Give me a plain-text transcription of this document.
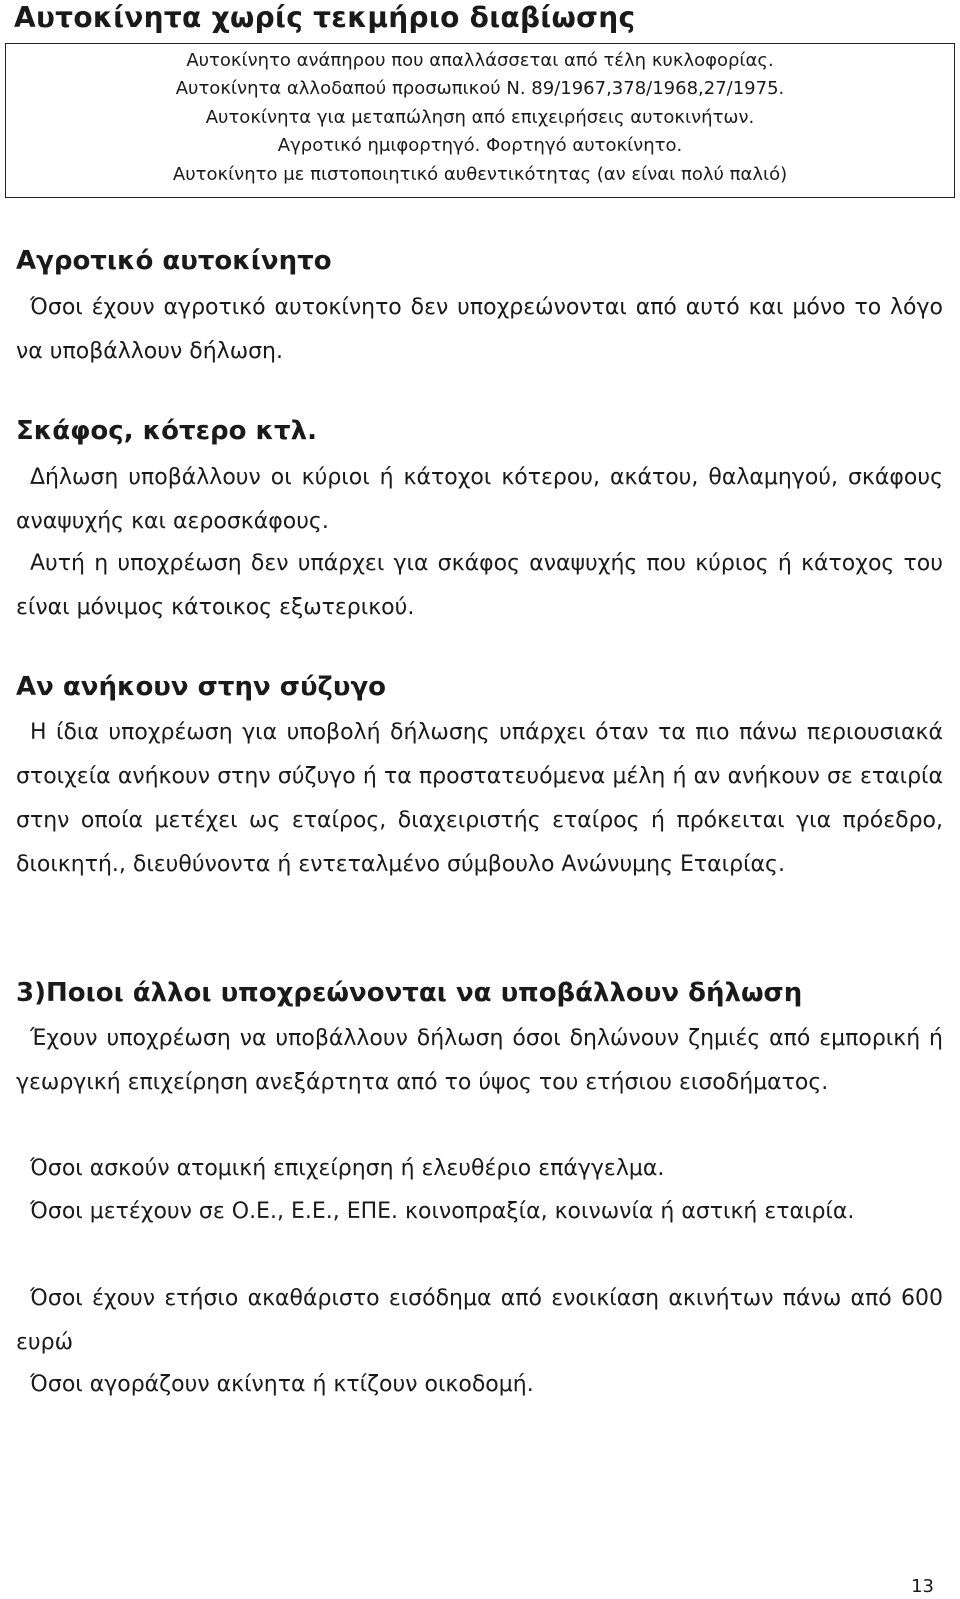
Αυτοκίνητα χωρίς τεκμήριο διαβίωσης
Αυτοκίνητο ανάπηρου που απαλλάσσεται από τέλη κυκλοφορίας.
Αυτοκίνητα αλλοδαπού προσωπικού Ν. 89/1967,378/1968,27/1975.
Αυτοκίνητα για μεταπώληση από επιχειρήσεις αυτοκινήτων.
Αγροτικό ημιφορτηγό. Φορτηγό αυτοκίνητο.
Αυτοκίνητο με πιστοποιητικό αυθεντικότητας (αν είναι πολύ παλιό)
Αγροτικό αυτοκίνητο

Όσοι έχουν αγροτικό αυτοκίνητο δεν υποχρεώνονται από αυτό και μόνο το λόγο να υποβάλλουν δήλωση.

Σκάφος, κότερο κτλ.

Δήλωση υποβάλλουν οι κύριοι ή κάτοχοι κότερου, ακάτου, θαλαμηγού, σκάφους αναψυχής και αεροσκάφους.

Αυτή η υποχρέωση δεν υπάρχει για σκάφος αναψυχής που κύριος ή κάτοχος του είναι μόνιμος κάτοικος εξωτερικού.

Αν ανήκουν στην σύζυγο

Η ίδια υποχρέωση για υποβολή δήλωσης υπάρχει όταν τα πιο πάνω περιουσιακά στοιχεία ανήκουν στην σύζυγο ή τα προστατευόμενα μέλη ή αν ανήκουν σε εταιρία στην οποία μετέχει ως εταίρος, διαχειριστής εταίρος ή πρόκειται για πρόεδρο, διοικητή., διευθύνοντα ή εντεταλμένο σύμβουλο Ανώνυμης Εταιρίας.

3)Ποιοι άλλοι υποχρεώνονται να υποβάλλουν δήλωση

Έχουν υποχρέωση να υποβάλλουν δήλωση όσοι δηλώνουν ζημιές από εμπορική ή γεωργική επιχείρηση ανεξάρτητα από το ύψος του ετήσιου εισοδήματος.

Όσοι ασκούν ατομική επιχείρηση ή ελευθέριο επάγγελμα.

Όσοι μετέχουν σε Ο.Ε., Ε.Ε., ΕΠΕ. κοινοπραξία, κοινωνία ή αστική εταιρία.

Όσοι έχουν ετήσιο ακαθάριστο εισόδημα από ενοικίαση ακινήτων πάνω από 600 ευρώ

Όσοι αγοράζουν ακίνητα ή κτίζουν οικοδομή.

13
